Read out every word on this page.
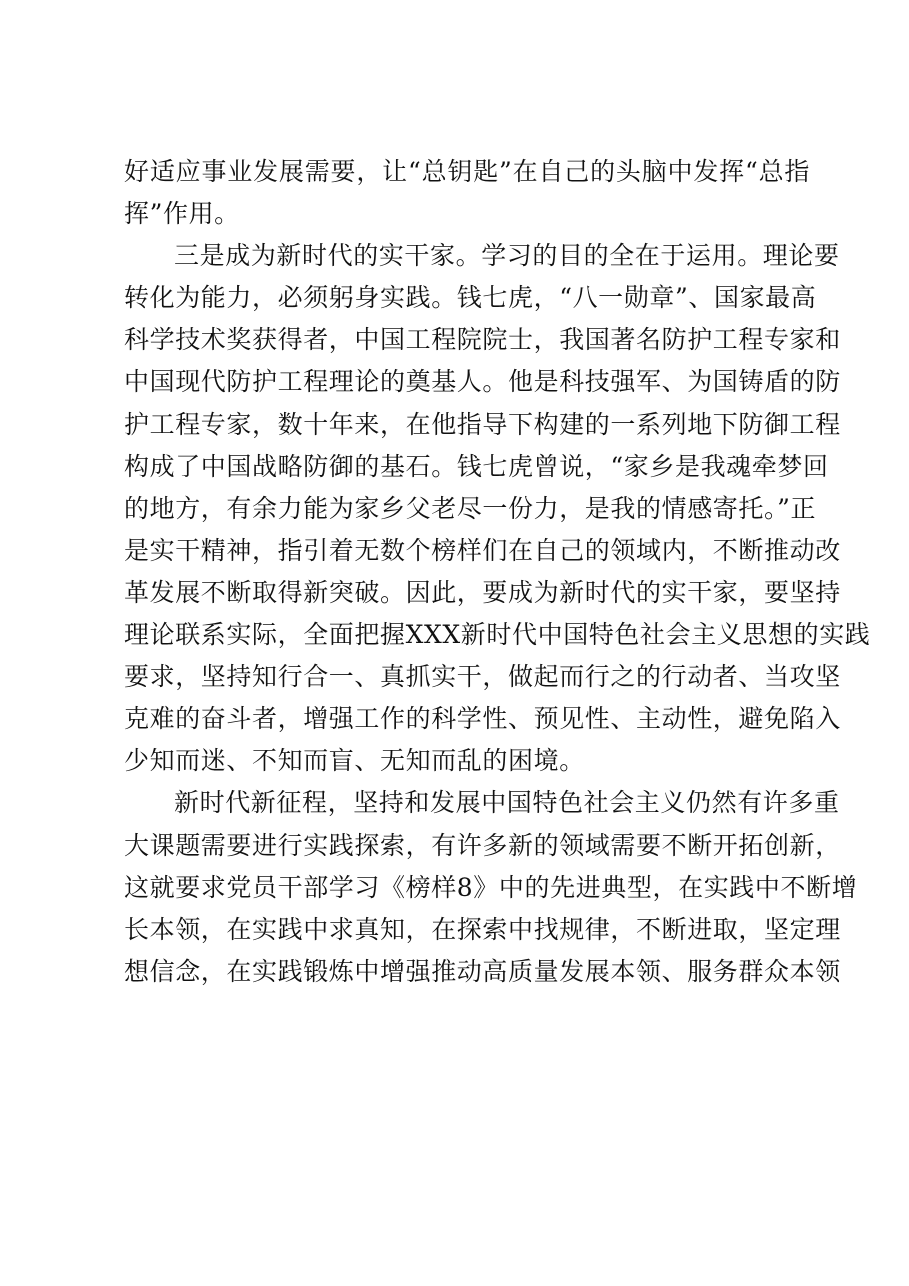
好适应事业发展需要，让“总钥匙”在自己的头脑中发挥“总指
挥”作用。
三是成为新时代的实干家。学习的目的全在于运用。理论要
转化为能力，必须躬身实践。钱七虎，“八一勋章”、国家最高
科学技术奖获得者，中国工程院院士，我国著名防护工程专家和
中国现代防护工程理论的奠基人。他是科技强军、为国铸盾的防
护工程专家，数十年来，在他指导下构建的一系列地下防御工程
构成了中国战略防御的基石。钱七虎曾说，“家乡是我魂牵梦回
的地方，有余力能为家乡父老尽一份力，是我的情感寄托。”正
是实干精神，指引着无数个榜样们在自己的领域内，不断推动改
革发展不断取得新突破。因此，要成为新时代的实干家，要坚持
理论联系实际，全面把握XXX新时代中国特色社会主义思想的实践
要求，坚持知行合一、真抓实干，做起而行之的行动者、当攻坚
克难的奋斗者，增强工作的科学性、预见性、主动性，避免陷入
少知而迷、不知而盲、无知而乱的困境。
新时代新征程，坚持和发展中国特色社会主义仍然有许多重
大课题需要进行实践探索，有许多新的领域需要不断开拓创新，
这就要求党员干部学习《榜样8》中的先进典型，在实践中不断增
长本领，在实践中求真知，在探索中找规律，不断进取，坚定理
想信念，在实践锻炼中增强推动高质量发展本领、服务群众本领
